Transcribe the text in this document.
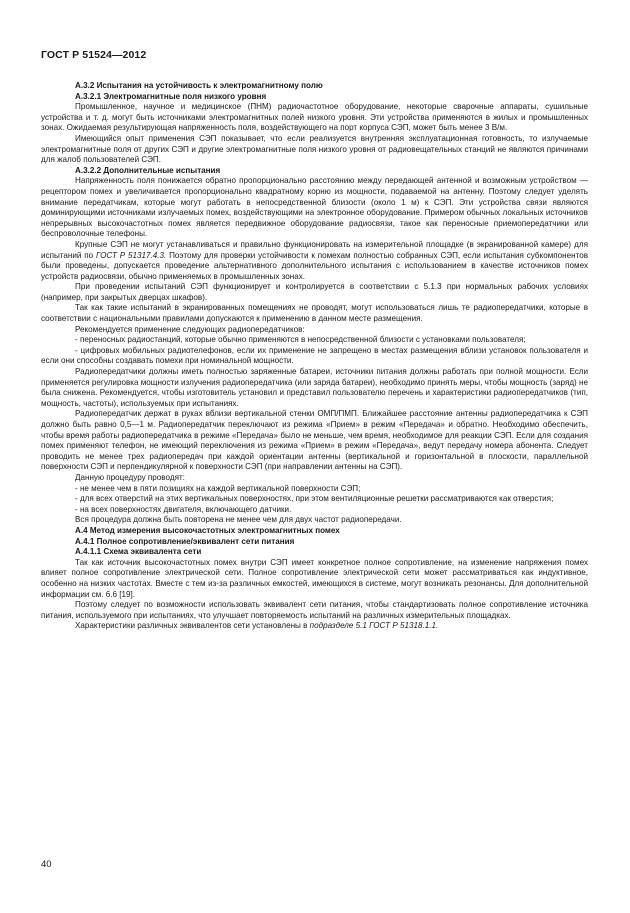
ГОСТ Р 51524—2012

A.3.2 Испытания на устойчивость к электромагнитному полю

A.3.2.1 Электромагнитные поля низкого уровня

Промышленное, научное и медицинское (ПНМ) радиочастотное оборудование, некоторые сварочные аппараты, сушильные устройства и т. д. могут быть источниками электромагнитных полей низкого уровня. Эти устройства применяются в жилых и промышленных зонах. Ожидаемая результирующая напряженность поля, воздействующего на порт корпуса СЭП, может быть менее 3 В/м.

Имеющийся опыт применения СЭП показывает, что если реализуется внутренняя эксплуатационная готовность, то излучаемые электромагнитные поля от других СЭП и другие электромагнитные поля низкого уровня от радиовещательных станций не являются причинами для жалоб пользователей СЭП.

A.3.2.2 Дополнительные испытания

Напряженность поля понижается обратно пропорционально расстоянию между передающей антенной и возможным устройством — рецептором помех и увеличивается пропорционально квадратному корню из мощности, подаваемой на антенну. Поэтому следует уделять внимание передатчикам, которые могут работать в непосредственной близости (около 1 м) к СЭП. Эти устройства связи являются доминирующими источниками излучаемых помех, воздействующими на электронное оборудование. Примером обычных локальных источников непрерывных высокочастотных помех является передвижное оборудование радиосвязи, такое как переносные приемопередатчики или беспроволочные телефоны.

Крупные СЭП не могут устанавливаться и правильно функционировать на измерительной площадке (в экранированной камере) для испытаний по ГОСТ Р 51317.4.3. Поэтому для проверки устойчивости к помехам полностью собранных СЭП, если испытания субкомпонентов были проведены, допускается проведение альтернативного дополнительного испытания с использованием в качестве источников помех устройств радиосвязи, обычно применяемых в промышленных зонах.

При проведении испытаний СЭП функционирует и контролируется в соответствии с 5.1.3 при нормальных рабочих условиях (например, при закрытых дверцах шкафов).

Так как такие испытаний в экранированных помещениях не проводят, могут использоваться лишь те радиопередатчики, которые в соответствии с национальными правилами допускаются к применению в данном месте размещения.

Рекомендуется применение следующих радиопередатчиков:

- переносных радиостанций, которые обычно применяются в непосредственной близости с установками пользователя;

- цифровых мобильных радиотелефонов, если их применение не запрещено в местах размещения вблизи установок пользователя и если они способны создавать помехи при номинальной мощности.

Радиопередатчики должны иметь полностью заряженные батареи, источники питания должны работать при полной мощности. Если применяется регулировка мощности излучения радиопередатчика (или заряда батареи), необходимо принять меры, чтобы мощность (заряд) не была снижена. Рекомендуется, чтобы изготовитель установил и представил пользователю перечень и характеристики радиопередатчиков (тип, мощность, частоты), используемых при испытаниях.

Радиопередатчик держат в руках вблизи вертикальной стенки ОМП/ПМП. Ближайшее расстояние антенны радиопередатчика к СЭП должно быть равно 0,5—1 м. Радиопередатчик переключают из режима «Прием» в режим «Передача» и обратно. Необходимо обеспечить, чтобы время работы радиопередатчика в режиме «Передача» было не меньше, чем время, необходимое для реакции СЭП. Если для создания помех применяют телефон, не имеющий переключения из режима «Прием» в режим «Передача», ведут передачу номера абонента. Следует проводить не менее трех радиопередач при каждой ориентации антенны (вертикальной и горизонтальной в плоскости, параллельной поверхности СЭП и перпендикулярной к поверхности СЭП (при направлении антенны на СЭП).

Данную процедуру проводят:

- не менее чем в пяти позициях на каждой вертикальной поверхности СЭП;

- для всех отверстий на этих вертикальных поверхностях, при этом вентиляционные решетки рассматриваются как отверстия;

- на всех поверхностях двигателя, включающего датчики.

Вся процедура должна быть повторена не менее чем для двух частот радиопередачи.

А.4 Метод измерения высокочастотных электромагнитных помех

А.4.1 Полное сопротивление/эквивалент сети питания

А.4.1.1 Схема эквивалента сети

Так как источник высокочастотных помех внутри СЭП имеет конкретное полное сопротивление, на изменение напряжения помех влияет полное сопротивление электрической сети. Полное сопротивление электрической сети может рассматриваться как индуктивное, особенно на низких частотах. Вместе с тем из-за различных емкостей, имеющихся в системе, могут возникать резонансы. Для дополнительной информации см. 6.6 [19].

Поэтому следует по возможности использовать эквивалент сети питания, чтобы стандартизовать полное сопротивление источника питания, используемого при испытаниях, что улучшает повторяемость испытаний на различных измерительных площадках.

Характеристики различных эквивалентов сети установлены в подразделе 5.1 ГОСТ Р 51318.1.1.

40
